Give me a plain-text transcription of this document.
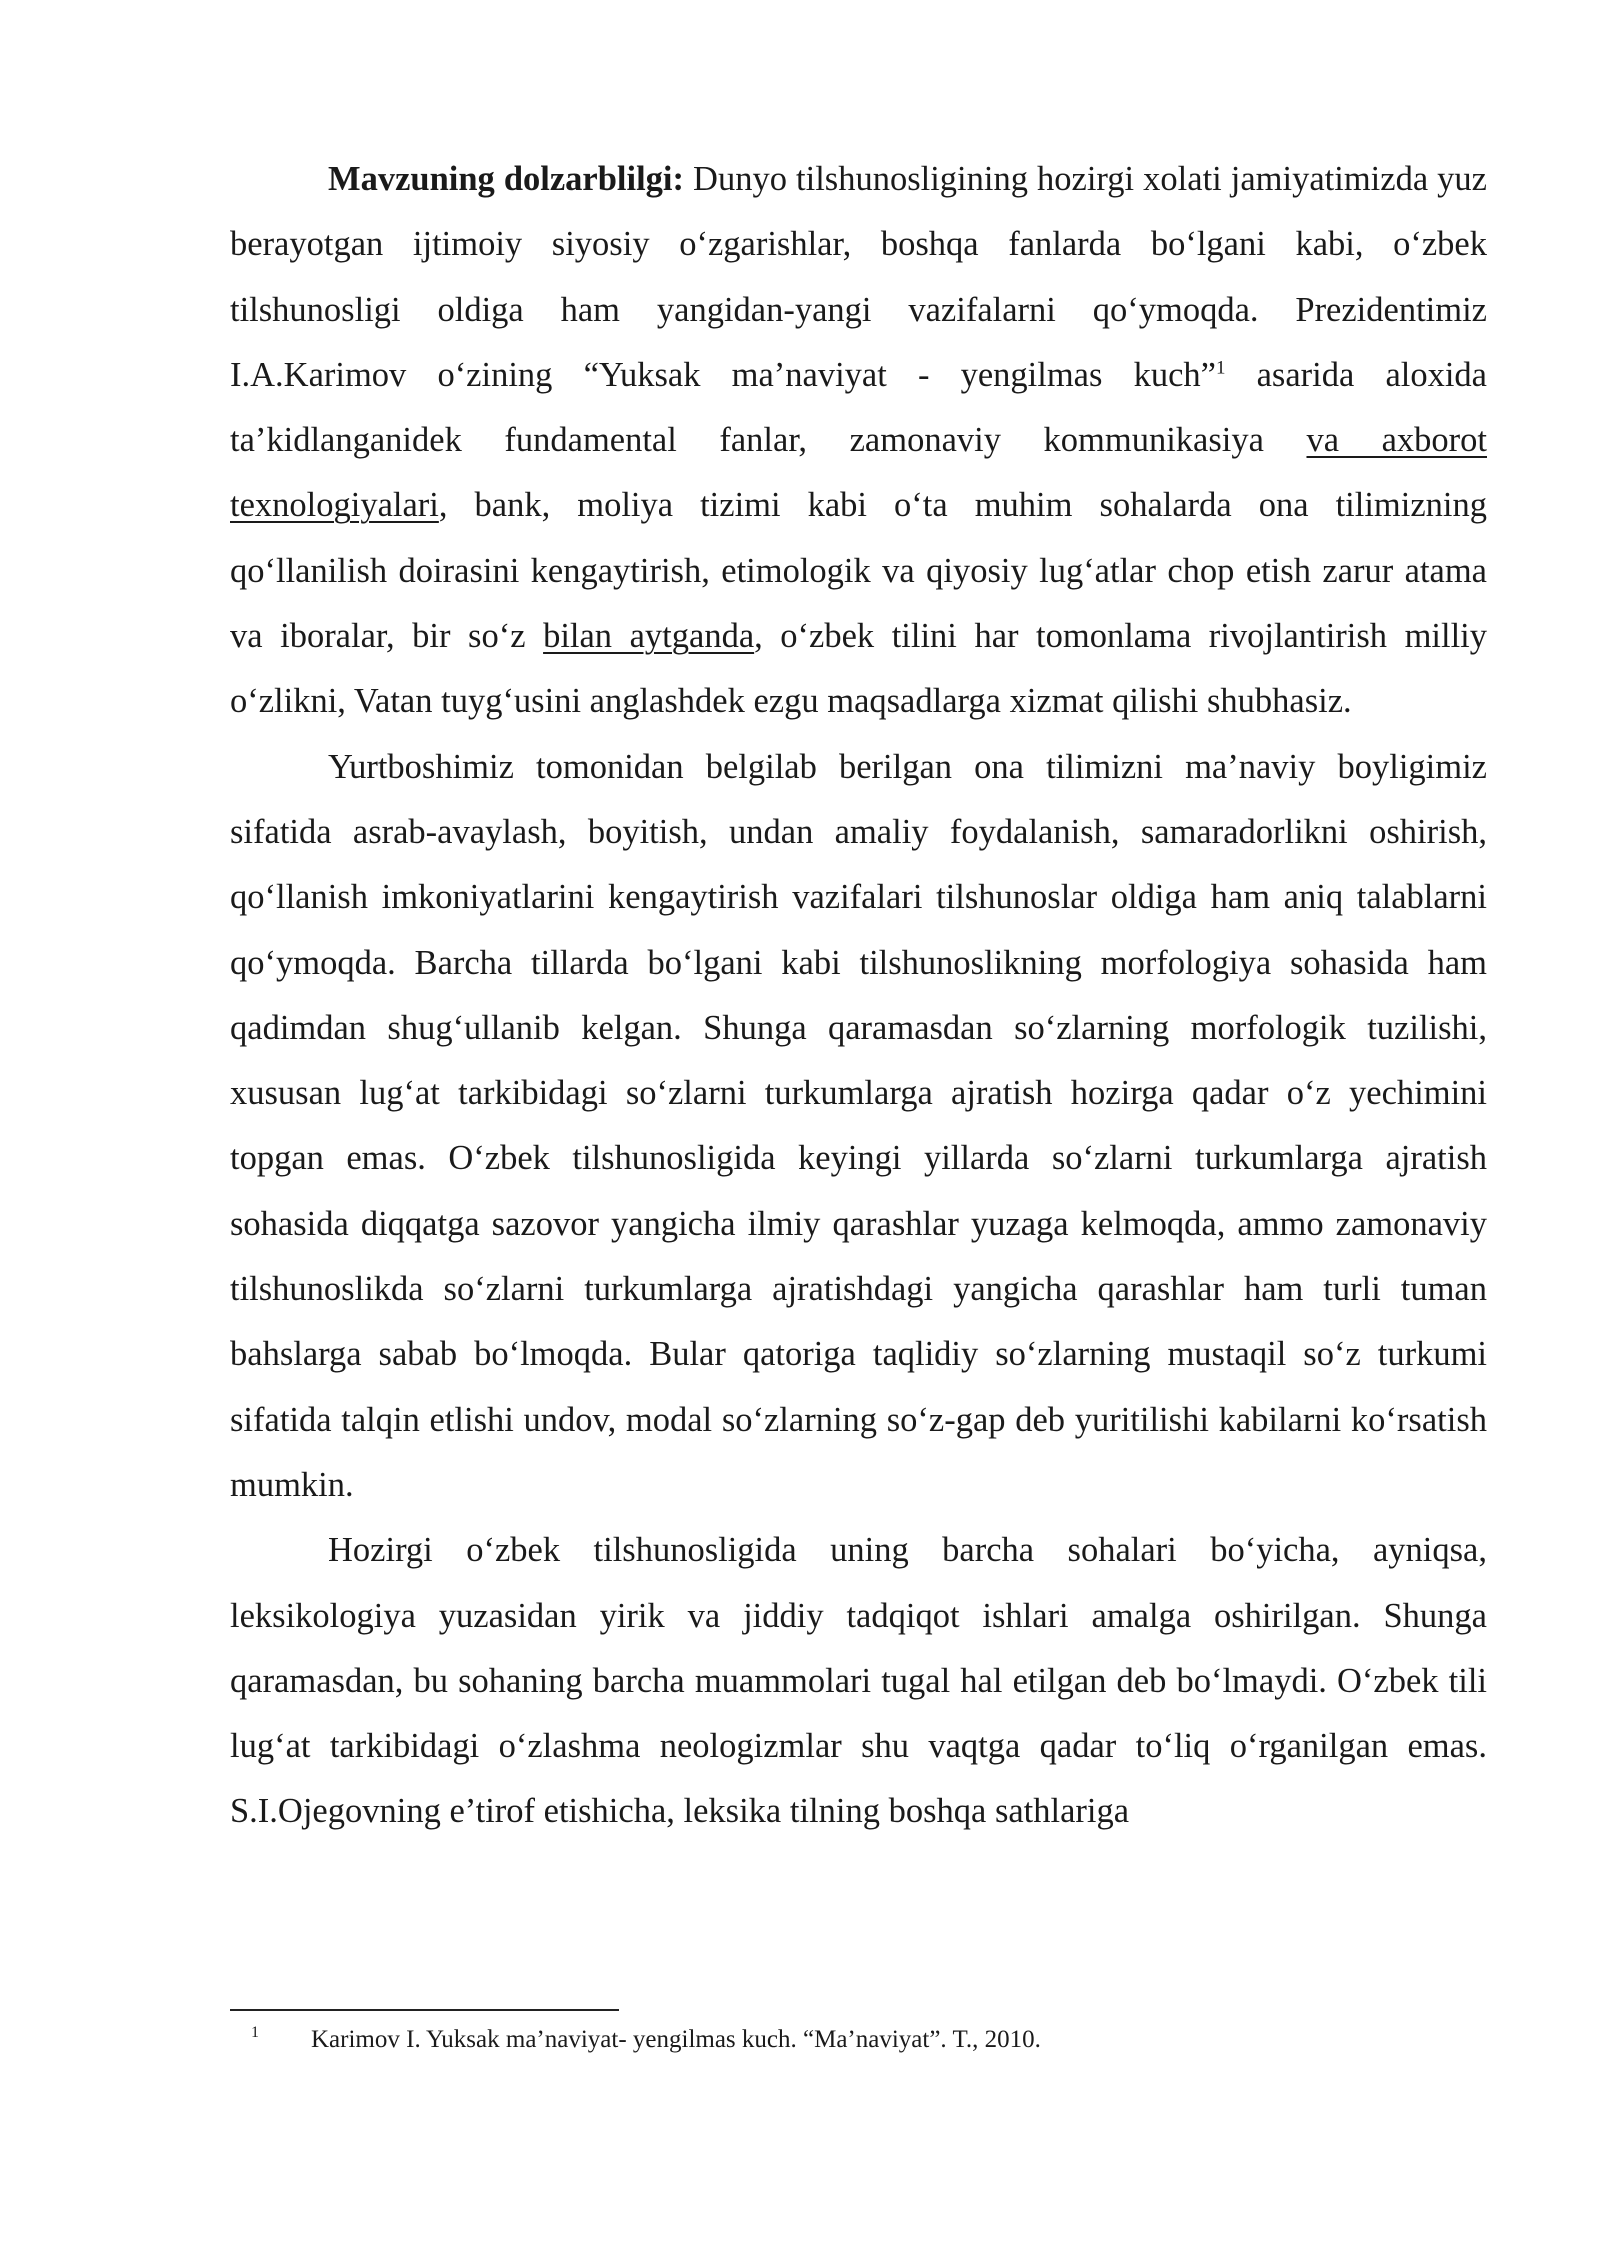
Mavzuning dolzarblilgi: Dunyo tilshunosligining hozirgi xolati jamiyatimizda yuz berayotgan ijtimoiy siyosiy o‘zgarishlar, boshqa fanlarda bo‘lgani kabi, o‘zbek tilshunosligi oldiga ham yangidan-yangi vazifalarni qo‘ymoqda. Prezidentimiz I.A.Karimov o‘zining “Yuksak ma’naviyat - yengilmas kuch”$^1$ asarida aloxida ta’kidlanganidek fundamental fanlar, zamonaviy kommunikasiya va axborot texnologiyalari, bank, moliya tizimi kabi o‘ta muhim sohalarda ona tilimizning qo‘llanilish doirasini kengaytirish, etimologik va qiyosiy lug‘atlar chop etish zarur atama va iboralar, bir so‘z bilan aytganda, o‘zbek tilini har tomonlama rivojlantirish milliy o‘zlikni, Vatan tuyg‘usini anglashdek ezgu maqsadlarga xizmat qilishi shubhasiz.

Yurtboshimiz tomonidan belgilab berilgan ona tilimizni ma’naviy boyligimiz sifatida asrab-avaylash, boyitish, undan amaliy foydalanish, samaradorlikni oshirish, qo‘llanish imkoniyatlarini kengaytirish vazifalari tilshunoslar oldiga ham aniq talablarni qo‘ymoqda. Barcha tillarda bo‘lgani kabi tilshunoslikning morfologiya sohasida ham qadimdan shug‘ullanib kelgan. Shunga qaramasdan so‘zlarning morfologik tuzilishi, xususan lug‘at tarkibidagi so‘zlarni turkumlarga ajratish hozirga qadar o‘z yechimini topgan emas. O‘zbek tilshunosligida keyingi yillarda so‘zlarni turkumlarga ajratish sohasida diqqatga sazovor yangicha ilmiy qarashlar yuzaga kelmoqda, ammo zamonaviy tilshunoslikda so‘zlarni turkumlarga ajratishdagi yangicha qarashlar ham turli tuman bahslarga sabab bo‘lmoqda. Bular qatoriga taqlidiy so‘zlarning mustaqil so‘z turkumi sifatida talqin etlishi undov, modal so‘zlarning so‘z-gap deb yuritilishi kabilarni ko‘rsatish mumkin.

Hozirgi o‘zbek tilshunosligida uning barcha sohalari bo‘yicha, ayniqsa, leksikologiya yuzasidan yirik va jiddiy tadqiqot ishlari amalga oshirilgan. Shunga qaramasdan, bu sohaning barcha muammolari tugal hal etilgan deb bo‘lmaydi. O‘zbek tili lug‘at tarkibidagi o‘zlashma neologizmlar shu vaqtga qadar to‘liq o‘rganilgan emas. S.I.Ojegovning e’tirof etishicha, leksika tilning boshqa sathlariga

1 Karimov I. Yuksak ma’naviyat- yengilmas kuch. “Ma’naviyat”. T., 2010.
